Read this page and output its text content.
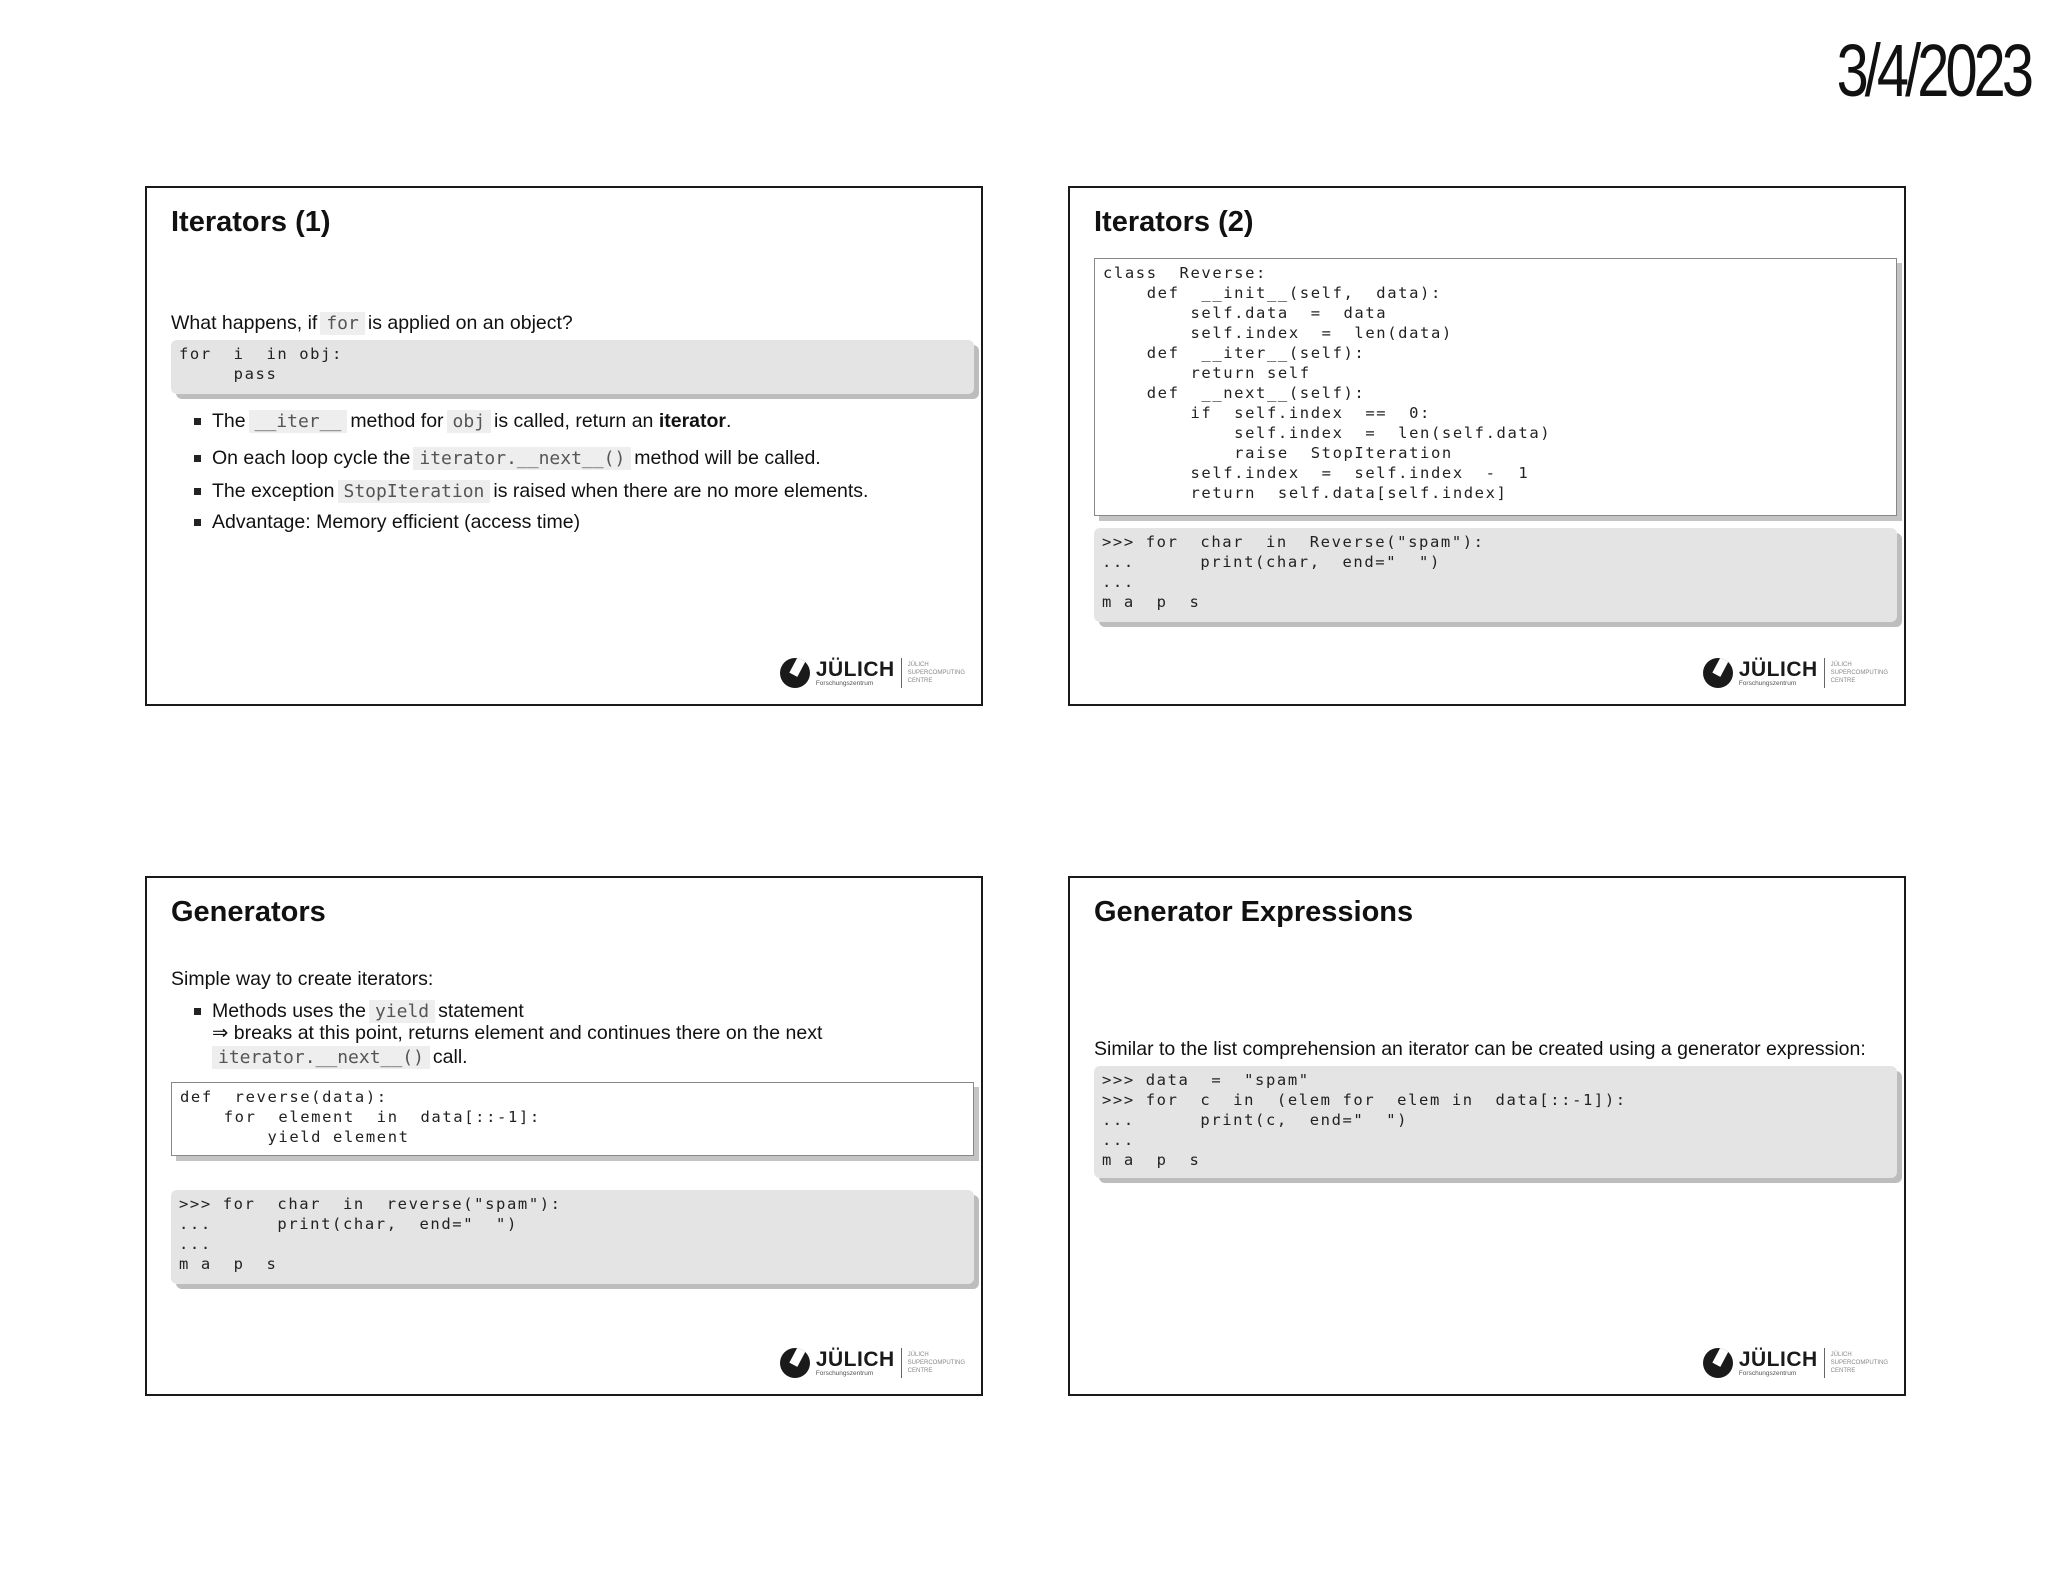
3/4/2023
Iterators (1)
What happens, if for is applied on an object?
for  i  in obj:
pass
The __iter__ method for obj is called, return an iterator.
On each loop cycle the iterator.__next__() method will be called.
The exception StopIteration is raised when there are no more elements.
Advantage: Memory efficient (access time)
JÜLICH
Forschungszentrum
JÜLICH
SUPERCOMPUTING
CENTRE
Iterators (2)
class  Reverse:
def  __init__(self,  data):
self.data  =  data
self.index  =  len(data)
def  __iter__(self):
return self
def  __next__(self):
if  self.index  ==  0:
self.index  =  len(self.data)
raise  StopIteration
self.index  =  self.index  -  1
return  self.data[self.index]
>>> for  char  in  Reverse("spam"):
...      print(char,  end="  ")
...
m a  p  s
JÜLICH
Forschungszentrum
JÜLICH
SUPERCOMPUTING
CENTRE
Generators
Simple way to create iterators:
Methods uses the yield statement
⇒ breaks at this point, returns element and continues there on the next
iterator.__next__() call.
def  reverse(data):
for  element  in  data[::-1]:
yield element
>>> for  char  in  reverse("spam"):
...      print(char,  end="  ")
...
m a  p  s
JÜLICH
Forschungszentrum
JÜLICH
SUPERCOMPUTING
CENTRE
Generator Expressions
Similar to the list comprehension an iterator can be created using a generator expression:
>>> data  =  "spam"
>>> for  c  in  (elem for  elem in  data[::-1]):
...      print(c,  end="  ")
...
m a  p  s
JÜLICH
Forschungszentrum
JÜLICH
SUPERCOMPUTING
CENTRE
